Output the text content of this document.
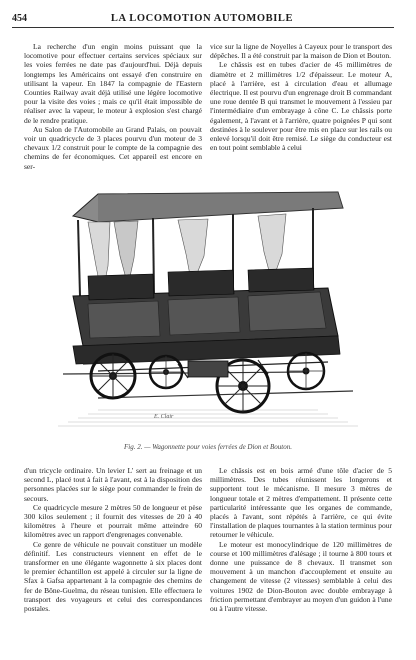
454	LA LOCOMOTION AUTOMOBILE

La recherche d'un engin moins puissant que la locomotive pour effectuer certains services spéciaux sur les voies ferrées ne date pas d'aujourd'hui. Déjà depuis longtemps les Américains ont essayé d'en construire en utilisant la vapeur. En 1847 la compagnie de l'Eastern Counties Railway avait déjà utilisé une légère locomotive pour la visite des voies ; mais ce qu'il était impossible de réaliser avec la vapeur, le moteur à explosion s'est chargé de le rendre pratique.

Au Salon de l'Automobile au Grand Palais, on pouvait voir un quadricycle de 3 places pourvu d'un moteur de 3 chevaux 1/2 construit pour le compte de la compagnie des chemins de fer économiques. Cet appareil est encore en ser-

vice sur la ligne de Noyelles à Cayeux pour le transport des dépêches. Il a été construit par la maison de Dion et Bouton.

Le châssis est en tubes d'acier de 45 millimètres de diamètre et 2 millimètres 1/2 d'épaisseur. Le moteur A, placé à l'arrière, est à circulation d'eau et allumage électrique. Il est pourvu d'un engrenage droit B commandant une roue dentée B qui transmet le mouvement à l'essieu par l'intermédiaire d'un embrayage à cône C. Le châssis porte également, à l'avant et à l'arrière, quatre poignées P qui sont destinées à le soulever pour être mis en place sur les rails ou enlevé lorsqu'il doit être remisé. Le siège du conducteur est en tout point semblable à celui

E. Clair
Fig. 2. — Wagonnette pour voies ferrées de Dion et Bouton.

d'un tricycle ordinaire. Un levier L' sert au freinage et un second L, placé tout à fait à l'avant, est à la disposition des personnes placées sur le siège pour commander le frein de secours.

Ce quadricycle mesure 2 mètres 50 de longueur et pèse 300 kilos seulement ; il fournit des vitesses de 20 à 40 kilomètres à l'heure et pourrait même atteindre 60 kilomètres avec un rapport d'engrenages convenable.

Ce genre de véhicule ne pouvait constituer un modèle définitif. Les constructeurs viennent en effet de le transformer en une élégante wagonnette à six places dont le premier échantillon est appelé à circuler sur la ligne de Sfax à Gafsa appartenant à la compagnie des chemins de fer de Bône-Guelma, du réseau tunisien. Elle effectuera le transport des voyageurs et celui des correspondances postales.

Le châssis est en bois armé d'une tôle d'acier de 5 millimètres. Des tubes réunissent les longerons et supportent tout le mécanisme. Il mesure 3 mètres de longueur totale et 2 mètres d'empattement. Il présente cette particularité intéressante que les organes de commande, placés à l'avant, sont répétés à l'arrière, ce qui évite l'installation de plaques tournantes à la station terminus pour retourner le véhicule.

Le moteur est monocylindrique de 120 millimètres de course et 100 millimètres d'alésage ; il tourne à 800 tours et donne une puissance de 8 chevaux. Il transmet son mouvement à un manchon d'accouplement et ensuite au changement de vitesse (2 vitesses) semblable à celui des voitures 1902 de Dion-Bouton avec double embrayage à friction permettant d'embrayer au moyen d'un guidon à l'une ou à l'autre vitesse.
